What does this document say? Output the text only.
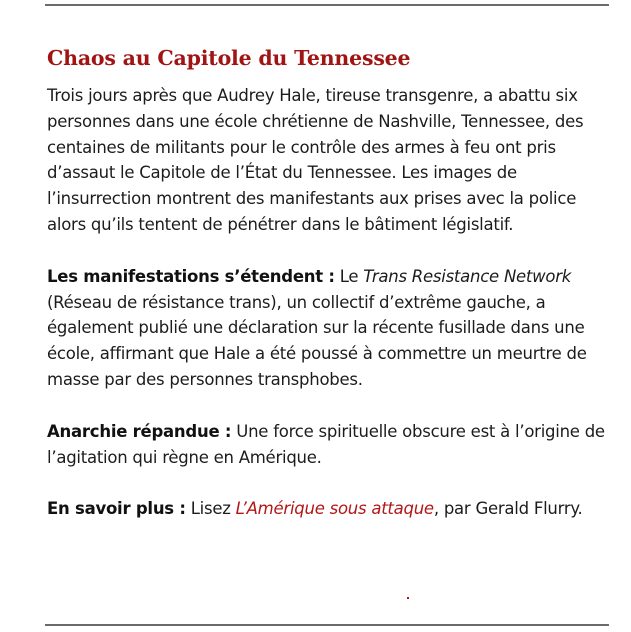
Chaos au Capitole du Tennessee

Trois jours après que Audrey Hale, tireuse transgenre, a abattu six personnes dans une école chrétienne de Nashville, Tennessee, des centaines de militants pour le contrôle des armes à feu ont pris d’assaut le Capitole de l’État du Tennessee. Les images de l’insurrection montrent des manifestants aux prises avec la police alors qu’ils tentent de pénétrer dans le bâtiment législatif.

Les manifestations s’étendent : Le Trans Resistance Network (Réseau de résistance trans), un collectif d’extrême gauche, a également publié une déclaration sur la récente fusillade dans une école, affirmant que Hale a été poussé à commettre un meurtre de masse par des personnes transphobes.

Anarchie répandue : Une force spirituelle obscure est à l’origine de l’agitation qui règne en Amérique.

En savoir plus : Lisez L’Amérique sous attaque, par Gerald Flurry.
